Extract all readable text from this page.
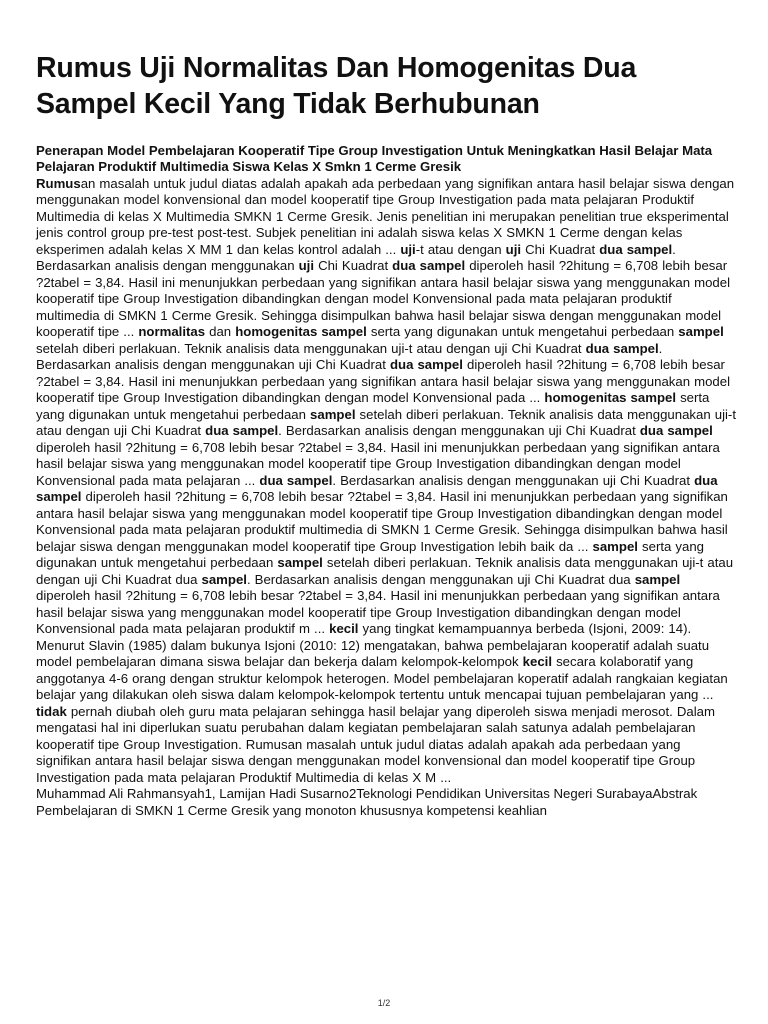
Rumus Uji Normalitas Dan Homogenitas Dua Sampel Kecil Yang Tidak Berhubunan

Penerapan Model Pembelajaran Kooperatif Tipe Group Investigation Untuk Meningkatkan Hasil Belajar Mata Pelajaran Produktif Multimedia Siswa Kelas X Smkn 1 Cerme Gresik

Rumusan masalah untuk judul diatas adalah apakah ada perbedaan yang signifikan antara hasil belajar siswa dengan menggunakan model konvensional dan model kooperatif tipe Group Investigation pada mata pelajaran Produktif Multimedia di kelas X Multimedia SMKN 1 Cerme Gresik. Jenis penelitian ini merupakan penelitian true eksperimental jenis control group pre-test post-test. Subjek penelitian ini adalah siswa kelas X SMKN 1 Cerme dengan kelas eksperimen adalah kelas X MM 1 dan kelas kontrol adalah ... uji-t atau dengan uji Chi Kuadrat dua sampel. Berdasarkan analisis dengan menggunakan uji Chi Kuadrat dua sampel diperoleh hasil ?2hitung = 6,708 lebih besar ?2tabel = 3,84. Hasil ini menunjukkan perbedaan yang signifikan antara hasil belajar siswa yang menggunakan model kooperatif tipe Group Investigation dibandingkan dengan model Konvensional pada mata pelajaran produktif multimedia di SMKN 1 Cerme Gresik. Sehingga disimpulkan bahwa hasil belajar siswa dengan menggunakan model kooperatif tipe ... normalitas dan homogenitas sampel serta yang digunakan untuk mengetahui perbedaan sampel setelah diberi perlakuan. Teknik analisis data menggunakan uji-t atau dengan uji Chi Kuadrat dua sampel. Berdasarkan analisis dengan menggunakan uji Chi Kuadrat dua sampel diperoleh hasil ?2hitung = 6,708 lebih besar ?2tabel = 3,84. Hasil ini menunjukkan perbedaan yang signifikan antara hasil belajar siswa yang menggunakan model kooperatif tipe Group Investigation dibandingkan dengan model Konvensional pada ... homogenitas sampel serta yang digunakan untuk mengetahui perbedaan sampel setelah diberi perlakuan. Teknik analisis data menggunakan uji-t atau dengan uji Chi Kuadrat dua sampel. Berdasarkan analisis dengan menggunakan uji Chi Kuadrat dua sampel diperoleh hasil ?2hitung = 6,708 lebih besar ?2tabel = 3,84. Hasil ini menunjukkan perbedaan yang signifikan antara hasil belajar siswa yang menggunakan model kooperatif tipe Group Investigation dibandingkan dengan model Konvensional pada mata pelajaran ... dua sampel. Berdasarkan analisis dengan menggunakan uji Chi Kuadrat dua sampel diperoleh hasil ?2hitung = 6,708 lebih besar ?2tabel = 3,84. Hasil ini menunjukkan perbedaan yang signifikan antara hasil belajar siswa yang menggunakan model kooperatif tipe Group Investigation dibandingkan dengan model Konvensional pada mata pelajaran produktif multimedia di SMKN 1 Cerme Gresik. Sehingga disimpulkan bahwa hasil belajar siswa dengan menggunakan model kooperatif tipe Group Investigation lebih baik da ... sampel serta yang digunakan untuk mengetahui perbedaan sampel setelah diberi perlakuan. Teknik analisis data menggunakan uji-t atau dengan uji Chi Kuadrat dua sampel. Berdasarkan analisis dengan menggunakan uji Chi Kuadrat dua sampel diperoleh hasil ?2hitung = 6,708 lebih besar ?2tabel = 3,84. Hasil ini menunjukkan perbedaan yang signifikan antara hasil belajar siswa yang menggunakan model kooperatif tipe Group Investigation dibandingkan dengan model Konvensional pada mata pelajaran produktif m ... kecil yang tingkat kemampuannya berbeda (Isjoni, 2009: 14). Menurut Slavin (1985) dalam bukunya Isjoni (2010: 12) mengatakan, bahwa pembelajaran kooperatif adalah suatu model pembelajaran dimana siswa belajar dan bekerja dalam kelompok-kelompok kecil secara kolaboratif yang anggotanya 4-6 orang dengan struktur kelompok heterogen. Model pembelajaran koperatif adalah rangkaian kegiatan belajar yang dilakukan oleh siswa dalam kelompok-kelompok tertentu untuk mencapai tujuan pembelajaran yang ... tidak pernah diubah oleh guru mata pelajaran sehingga hasil belajar yang diperoleh siswa menjadi merosot. Dalam mengatasi hal ini diperlukan suatu perubahan dalam kegiatan pembelajaran salah satunya adalah pembelajaran kooperatif tipe Group Investigation. Rumusan masalah untuk judul diatas adalah apakah ada perbedaan yang signifikan antara hasil belajar siswa dengan menggunakan model konvensional dan model kooperatif tipe Group Investigation pada mata pelajaran Produktif Multimedia di kelas X M ...

Muhammad Ali Rahmansyah1, Lamijan Hadi Susarno2Teknologi Pendidikan Universitas Negeri SurabayaAbstrak Pembelajaran di SMKN 1 Cerme Gresik yang monoton khususnya kompetensi keahlian

1/2
